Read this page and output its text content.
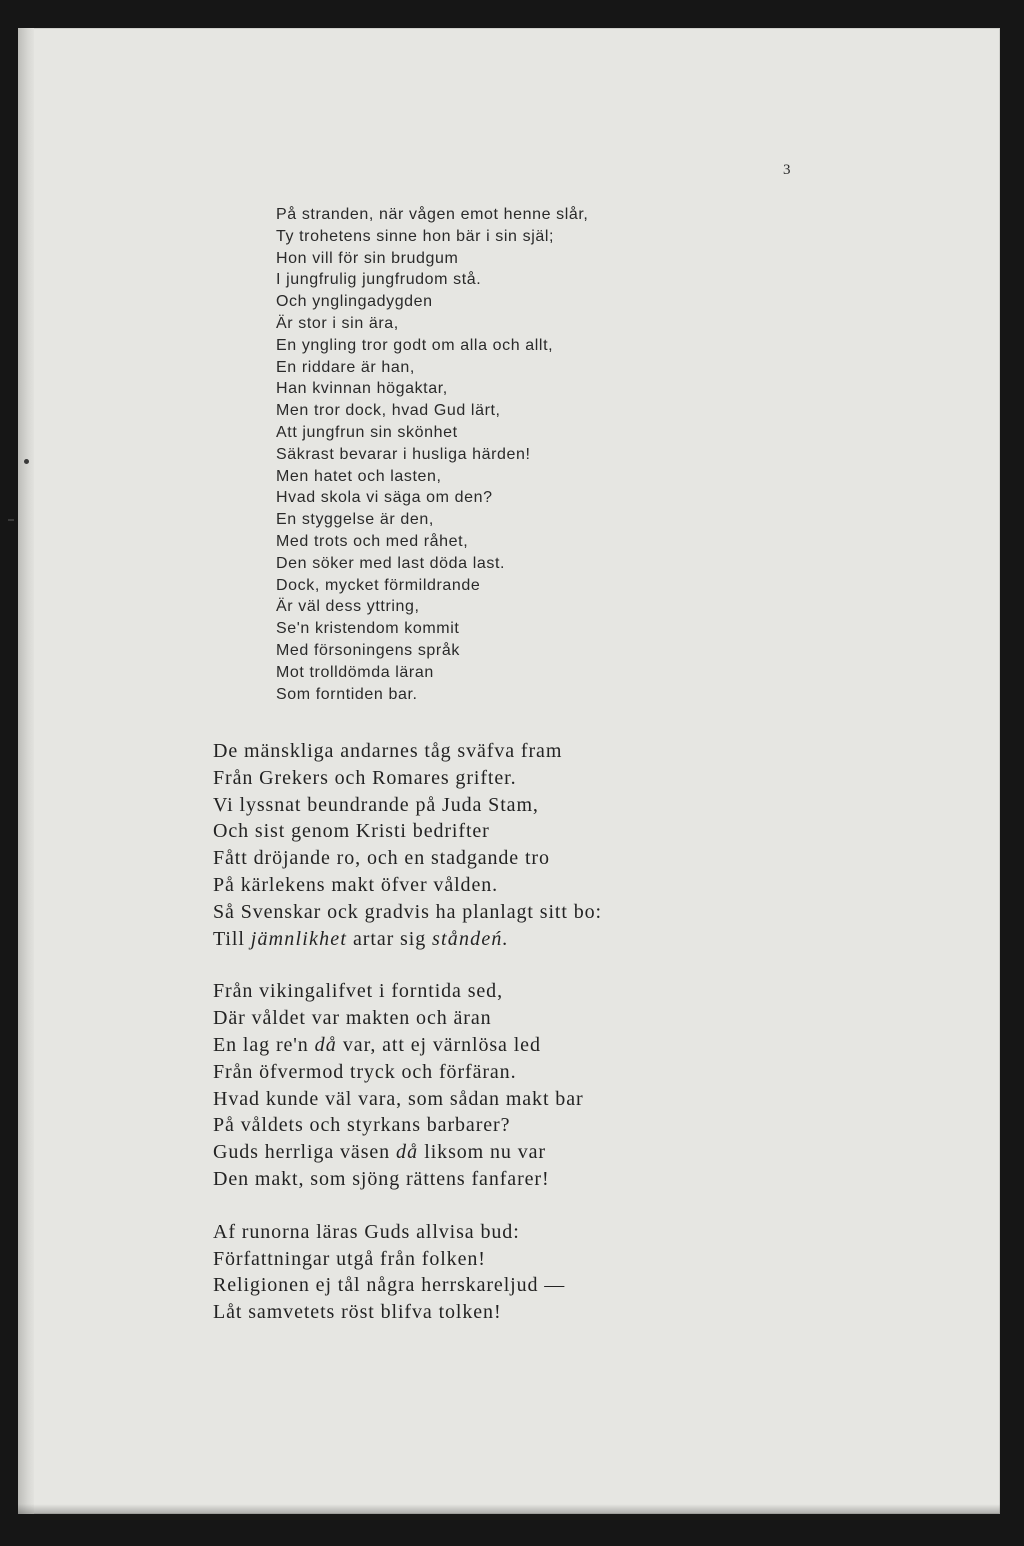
3
På stranden, när vågen emot henne slår,
Ty trohetens sinne hon bär i sin själ;
Hon vill för sin brudgum
I jungfrulig jungfrudom stå.
Och ynglingadygden
Är stor i sin ära,
En yngling tror godt om alla och allt,
En riddare är han,
Han kvinnan högaktar,
Men tror dock, hvad Gud lärt,
Att jungfrun sin skönhet
Säkrast bevarar i husliga härden!
Men hatet och lasten,
Hvad skola vi säga om den?
En styggelse är den,
Med trots och med råhet,
Den söker med last döda last.
Dock, mycket förmildrande
Är väl dess yttring,
Se'n kristendom kommit
Med försoningens språk
Mot trolldömda läran
Som forntiden bar.
De mänskliga andarnes tåg sväfva fram
Från Grekers och Romares grifter.
Vi lyssnat beundrande på Juda Stam,
Och sist genom Kristi bedrifter
Fått dröjande ro, och en stadgande tro
På kärlekens makt öfver vålden.
Så Svenskar ock gradvis ha planlagt sitt bo:
Till jämnlikhet artar sig ståndeń.
Från vikingalifvet i forntida sed,
Där våldet var makten och äran
En lag re'n då var, att ej värnlösa led
Från öfvermod tryck och förfäran.
Hvad kunde väl vara, som sådan makt bar
På våldets och styrkans barbarer?
Guds herrliga väsen då liksom nu var
Den makt, som sjöng rättens fanfarer!
Af runorna läras Guds allvisa bud:
Författningar utgå från folken!
Religionen ej tål några herrskareljud —
Låt samvetets röst blifva tolken!
